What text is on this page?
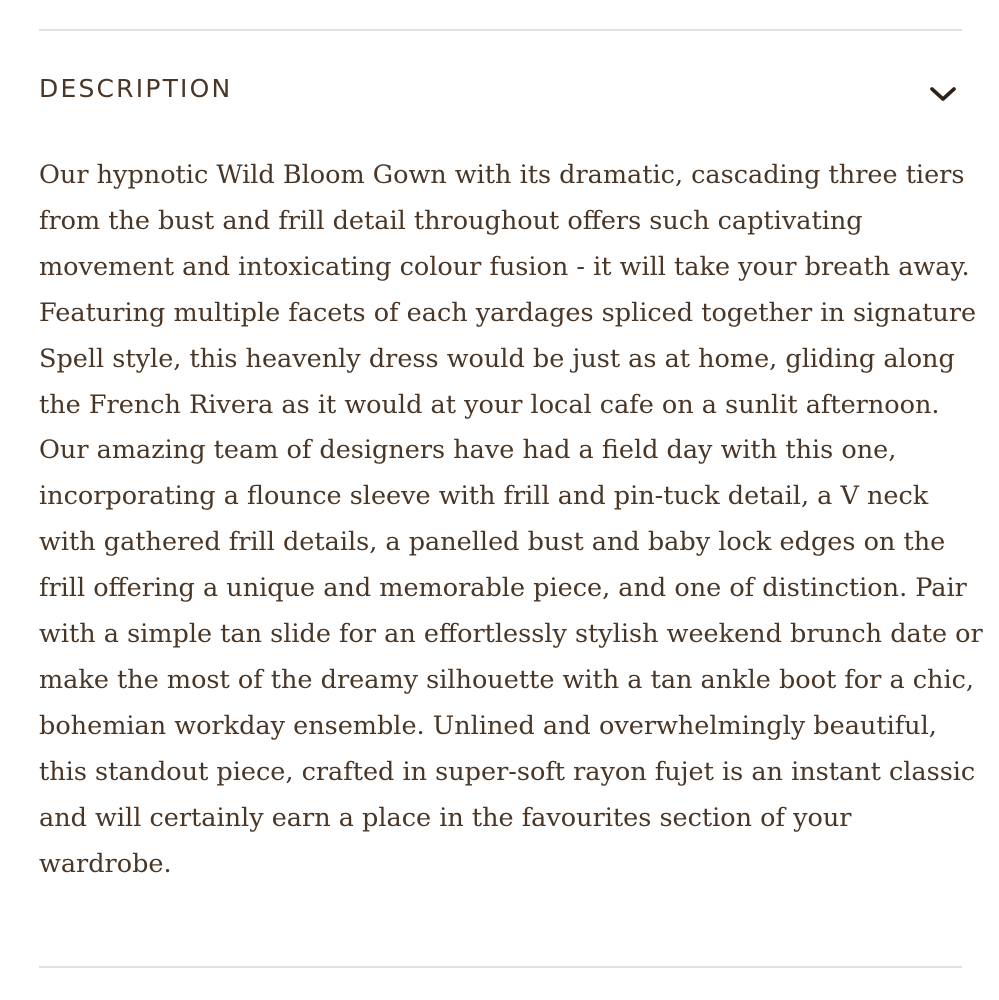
DESCRIPTION
Our hypnotic Wild Bloom Gown with its dramatic, cascading three tiers
from the bust and frill detail throughout offers such captivating
movement and intoxicating colour fusion - it will take your breath away.
Featuring multiple facets of each yardages spliced together in signature
Spell style, this heavenly dress would be just as at home, gliding along
the French Rivera as it would at your local cafe on a sunlit afternoon.
Our amazing team of designers have had a field day with this one,
incorporating a flounce sleeve with frill and pin-tuck detail, a V neck
with gathered frill details, a panelled bust and baby lock edges on the
frill offering a unique and memorable piece, and one of distinction. Pair
with a simple tan slide for an effortlessly stylish weekend brunch date or
make the most of the dreamy silhouette with a tan ankle boot for a chic,
bohemian workday ensemble. Unlined and overwhelmingly beautiful,
this standout piece, crafted in super-soft rayon fujet is an instant classic
and will certainly earn a place in the favourites section of your
wardrobe.
